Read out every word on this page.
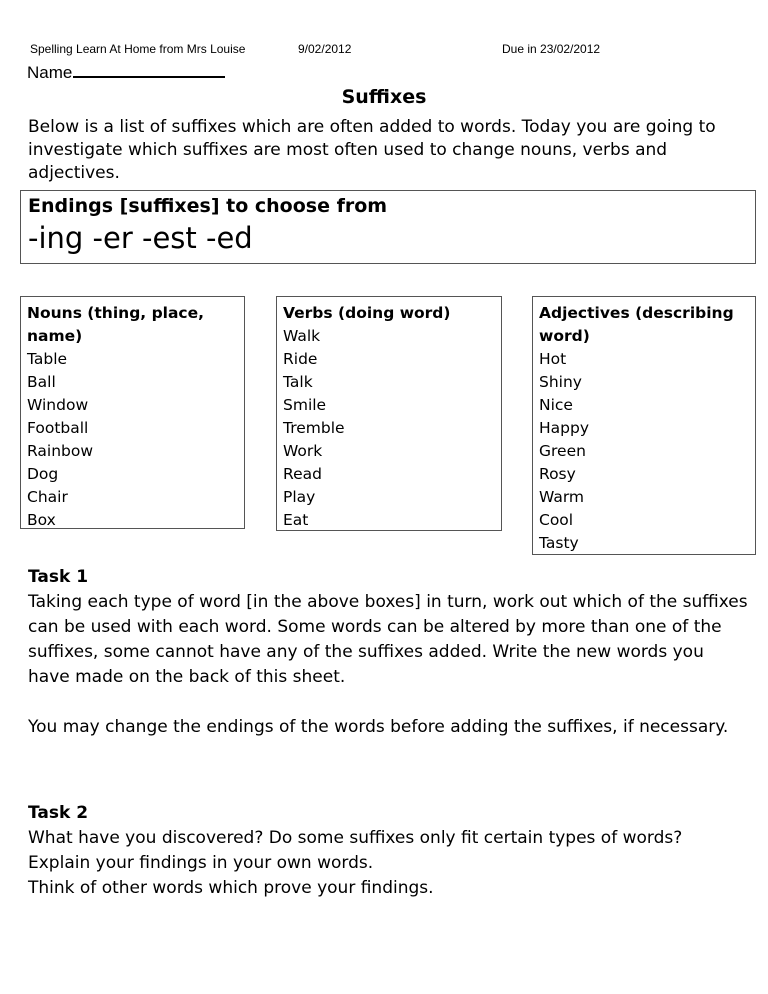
Spelling Learn At Home from Mrs Louise	9/02/2012	Due in 23/02/2012
Name
Suffixes
Below is a list of suffixes which are often added to words. Today you are going to investigate which suffixes are most often used to change nouns, verbs and adjectives.
Endings [suffixes] to choose from
-ing -er -est -ed
Nouns (thing, place, name)
Table
Ball
Window
Football
Rainbow
Dog
Chair
Box
Verbs (doing word)
Walk
Ride
Talk
Smile
Tremble
Work
Read
Play
Eat
Adjectives (describing word)
Hot
Shiny
Nice
Happy
Green
Rosy
Warm
Cool
Tasty
Task 1

Taking each type of word [in the above boxes] in turn, work out which of the suffixes can be used with each word. Some words can be altered by more than one of the suffixes, some cannot have any of the suffixes added. Write the new words you have made on the back of this sheet.

You may change the endings of the words before adding the suffixes, if necessary.

Task 2

What have you discovered? Do some suffixes only fit certain types of words?

Explain your findings in your own words.

Think of other words which prove your findings.
